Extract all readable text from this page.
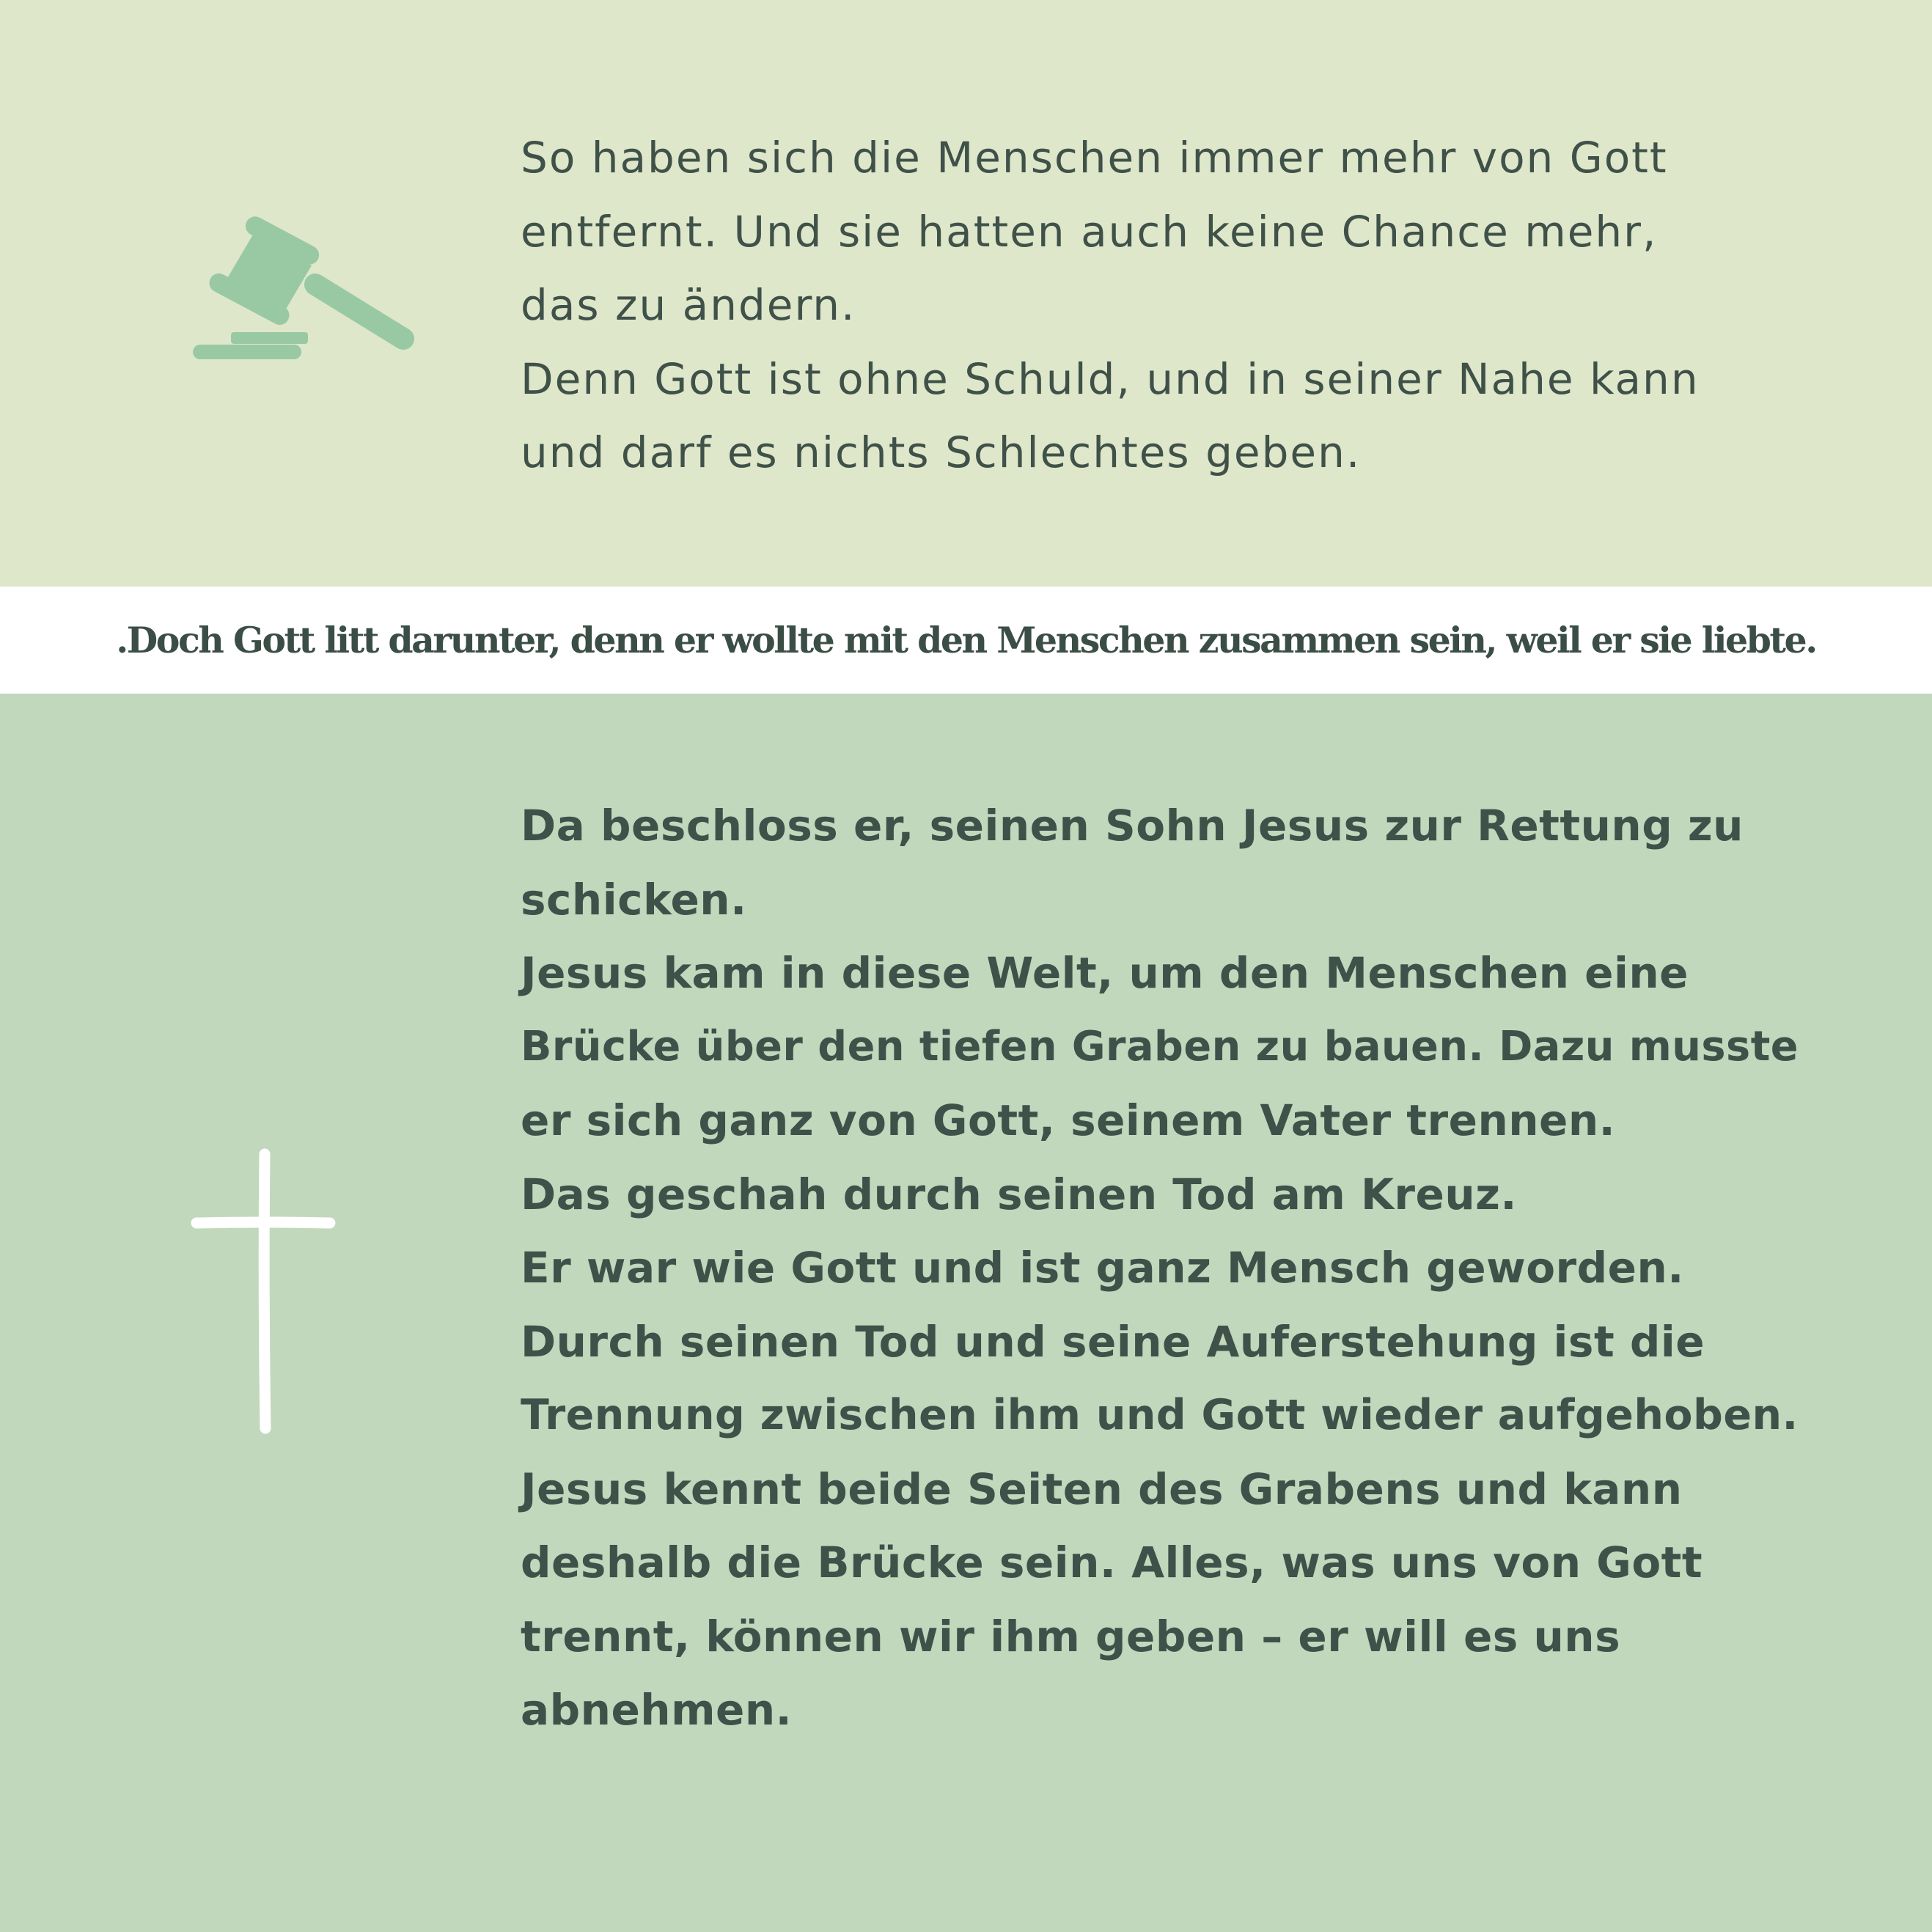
So haben sich die Menschen immer mehr von Gott
entfernt. Und sie hatten auch keine Chance mehr,
das zu ändern.
Denn Gott ist ohne Schuld, und in seiner Nahe kann
und darf es nichts Schlechtes geben.
.Doch Gott litt darunter, denn er wollte mit den Menschen zusammen sein, weil er sie liebte.
Da beschloss er, seinen Sohn Jesus zur Rettung zu
schicken.
Jesus kam in diese Welt, um den Menschen eine
Brücke über den tiefen Graben zu bauen. Dazu musste
er sich ganz von Gott, seinem Vater trennen.
Das geschah durch seinen Tod am Kreuz.
Er war wie Gott und ist ganz Mensch geworden.
Durch seinen Tod und seine Auferstehung ist die
Trennung zwischen ihm und Gott wieder aufgehoben.
Jesus kennt beide Seiten des Grabens und kann
deshalb die Brücke sein. Alles, was uns von Gott
trennt, können wir ihm geben – er will es uns
abnehmen.
